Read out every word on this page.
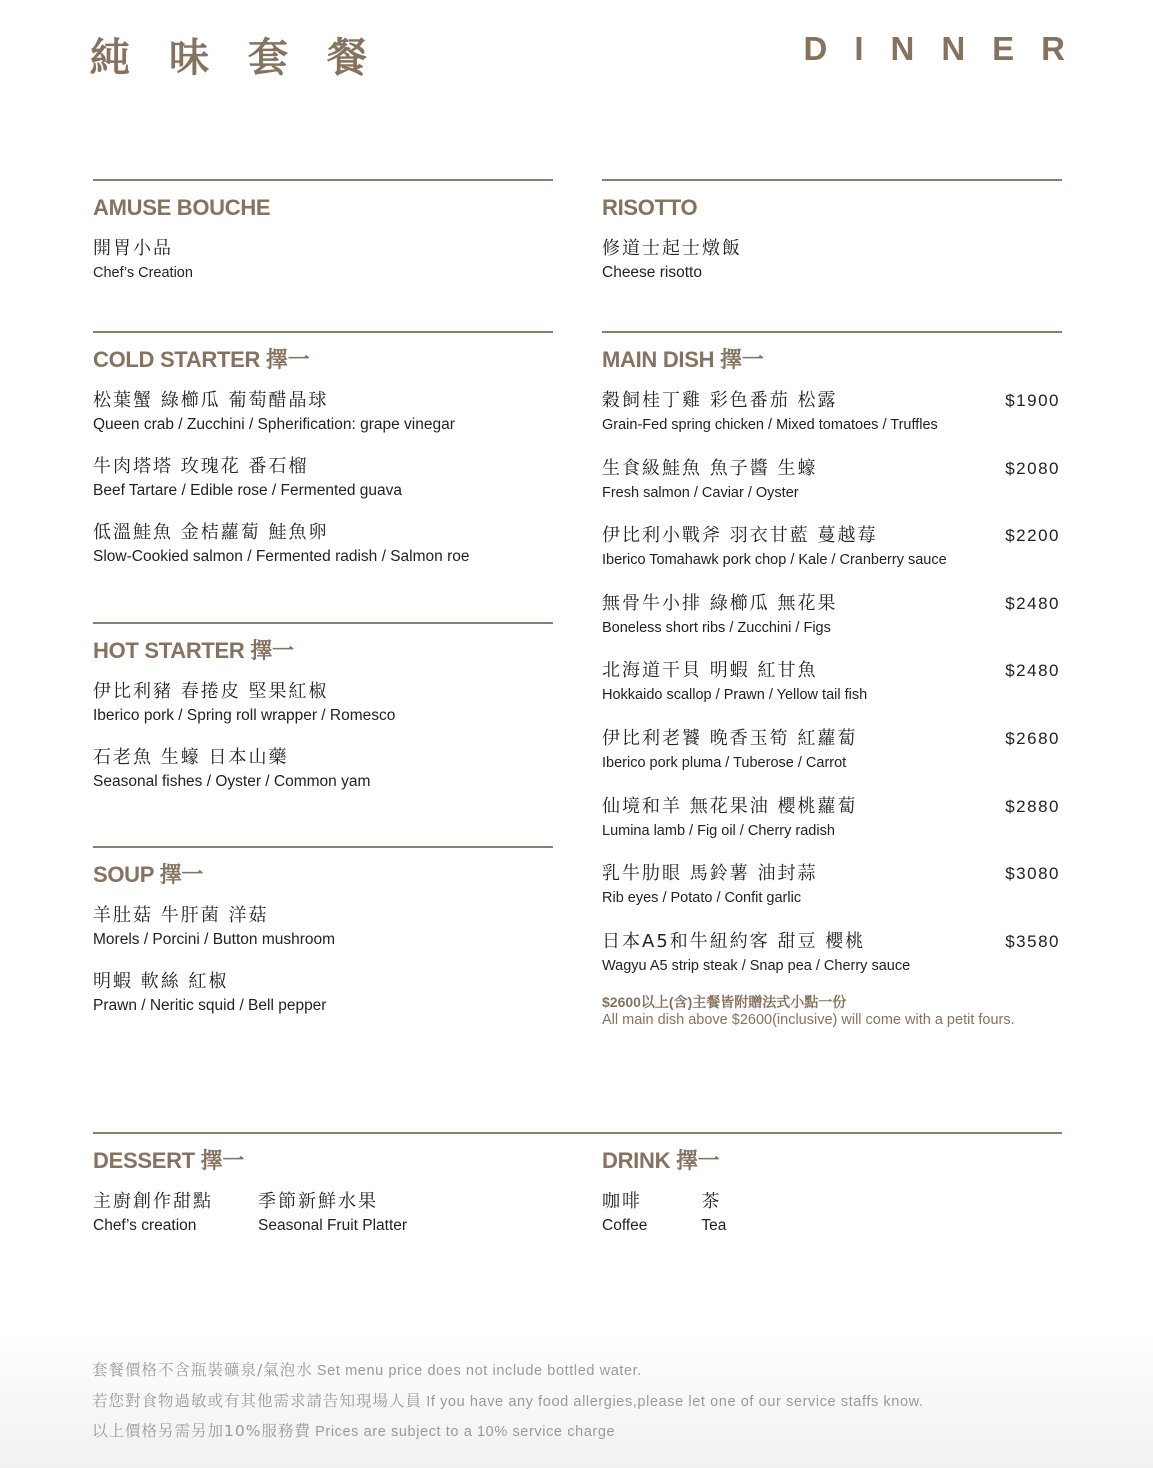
純味套餐	DINNER
AMUSE BOUCHE
開胃小品
Chef’s Creation
COLD STARTER 擇一
松葉蟹 綠櫛瓜 葡萄醋晶球
Queen crab / Zucchini / Spherification: grape vinegar
牛肉塔塔 玫瑰花 番石榴
Beef Tartare / Edible rose / Fermented guava
低溫鮭魚 金桔蘿蔔 鮭魚卵
Slow-Cookied salmon / Fermented radish / Salmon roe
HOT STARTER 擇一
伊比利豬 春捲皮 堅果紅椒
Iberico pork / Spring roll wrapper / Romesco
石老魚 生蠔 日本山藥
Seasonal fishes / Oyster / Common yam
SOUP 擇一
羊肚菇 牛肝菌 洋菇
Morels / Porcini / Button mushroom
明蝦 軟絲 紅椒
Prawn / Neritic squid / Bell pepper
RISOTTO
修道士起士燉飯
Cheese risotto
MAIN DISH 擇一
穀飼桂丁雞 彩色番茄 松露
Grain-Fed spring chicken / Mixed tomatoes / Truffles
$1900
生食級鮭魚 魚子醬 生蠔
Fresh salmon / Caviar / Oyster
$2080
伊比利小戰斧 羽衣甘藍 蔓越莓
Iberico Tomahawk pork chop / Kale / Cranberry sauce
$2200
無骨牛小排 綠櫛瓜 無花果
Boneless short ribs / Zucchini / Figs
$2480
北海道干貝 明蝦 紅甘魚
Hokkaido scallop / Prawn / Yellow tail fish
$2480
伊比利老饕 晚香玉筍 紅蘿蔔
Iberico pork pluma / Tuberose / Carrot
$2680
仙境和羊 無花果油 櫻桃蘿蔔
Lumina lamb / Fig oil / Cherry radish
$2880
乳牛肋眼 馬鈴薯 油封蒜
Rib eyes / Potato / Confit garlic
$3080
日本A5和牛紐約客 甜豆 櫻桃
Wagyu A5 strip steak / Snap pea / Cherry sauce
$3580
$2600以上(含)主餐皆附贈法式小點一份
All main dish above $2600(inclusive) will come with a petit fours.
DESSERT 擇一
主廚創作甜點
Chef’s creation
季節新鮮水果
Seasonal Fruit Platter
DRINK 擇一
咖啡
Coffee
茶
Tea
套餐價格不含瓶裝礦泉/氣泡水 Set menu price does not include bottled water.
若您對食物過敏或有其他需求請告知現場人員 If you have any food allergies,please let one of our service staffs know.
以上價格另需另加10%服務費 Prices are subject to a 10% service charge
